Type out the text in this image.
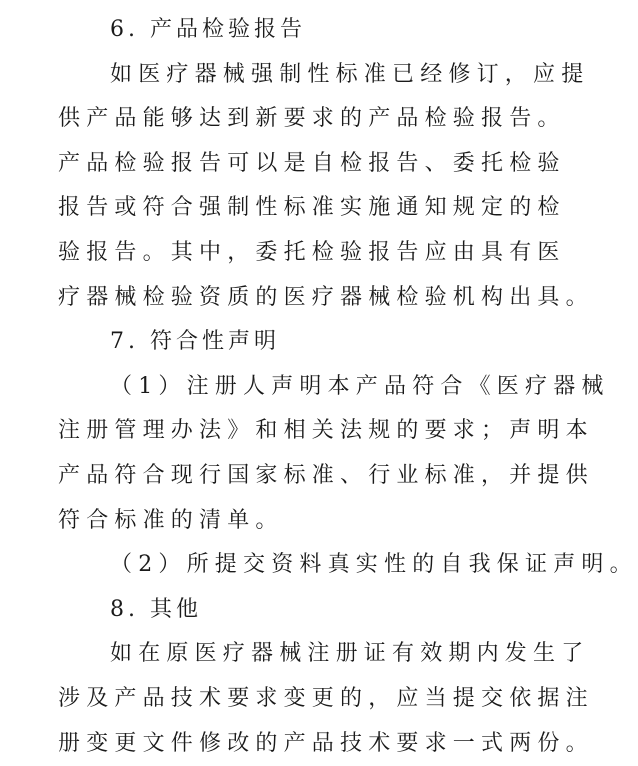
6. 产品检验报告
如医疗器械强制性标准已经修订，应提
供产品能够达到新要求的产品检验报告。
产品检验报告可以是自检报告、委托检验
报告或符合强制性标准实施通知规定的检
验报告。其中，委托检验报告应由具有医
疗器械检验资质的医疗器械检验机构出具。
7. 符合性声明
（1）注册人声明本产品符合《医疗器械
注册管理办法》和相关法规的要求；声明本
产品符合现行国家标准、行业标准，并提供
符合标准的清单。
（2）所提交资料真实性的自我保证声明。
8. 其他
如在原医疗器械注册证有效期内发生了
涉及产品技术要求变更的，应当提交依据注
册变更文件修改的产品技术要求一式两份。
